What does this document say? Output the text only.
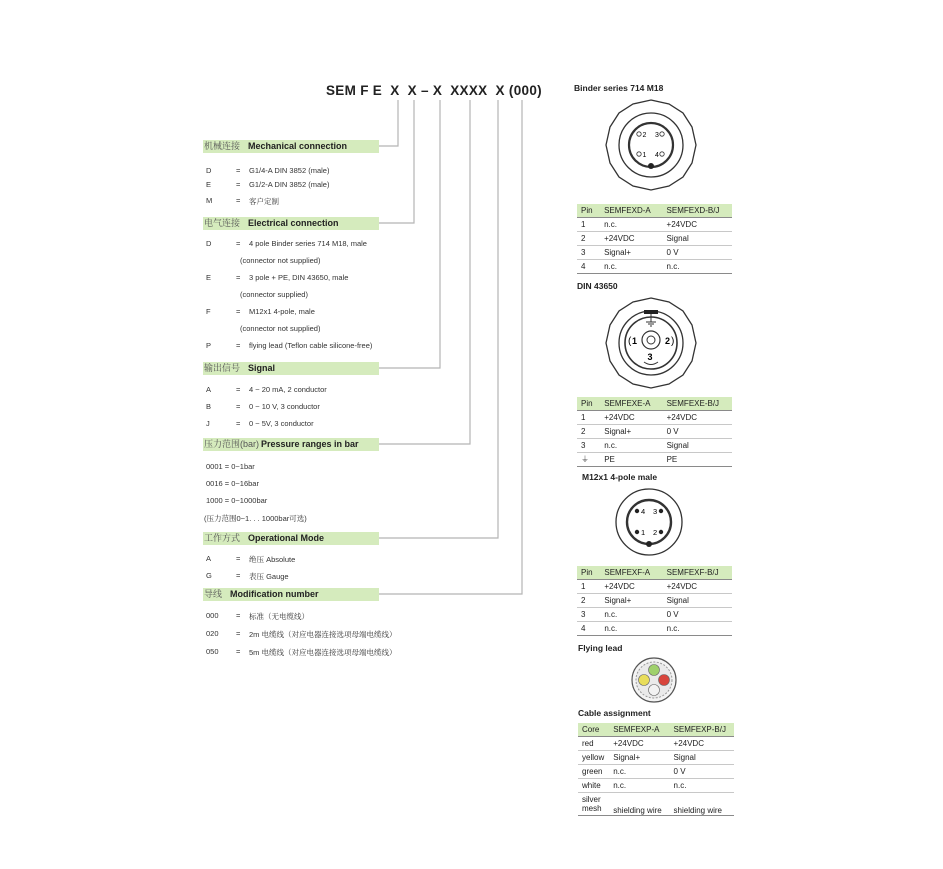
SEM F E  X  X – X  XXXX  X (000)
机械连接 Mechanical connection
D	= G1/4-A DIN 3852 (male)
E	= G1/2-A DIN 3852 (male)
M	= 客户定制
电气连接 Electrical connection
D	= 4 pole Binder series 714 M18, male
(connector not supplied)
E	= 3 pole + PE, DIN 43650, male
(connector supplied)
F	= M12x1 4-pole, male
(connector not supplied)
P	= flying lead (Teflon cable silicone-free)
输出信号 Signal
A	= 4 ~ 20 mA, 2 conductor
B	= 0 ~ 10 V, 3 conductor
J	= 0 ~ 5V, 3 conductor
压力范围(bar) Pressure ranges in bar
0001 = 0~1bar
0016 = 0~16bar
1000 = 0~1000bar
(压力范围0~1. . . 1000bar可选)
工作方式 Operational Mode
A	= 绝压 Absolute
G	= 表压 Gauge
导线 Modification number
000 = 标准（无电缆线）
020 = 2m 电缆线（对应电器连接选项母端电缆线）
050 = 5m 电缆线（对应电器连接选项母端电缆线）
Binder series 714 M18
2 3
1 4
Pin	SEMFEXD-A	SEMFEXD-B/J
1	n.c.	+24VDC
2	+24VDC	Signal
3	Signal+	0 V
4	n.c.	n.c.
DIN 43650
( 1	2 )
3
Pin	SEMFEXE-A	SEMFEXE-B/J
1	+24VDC	+24VDC
2	Signal+	0 V
3	n.c.	Signal
⏚	PE	PE
M12x1 4-pole male
4 3
1 2
Pin	SEMFEXF-A	SEMFEXF-B/J
1	+24VDC	+24VDC
2	Signal+	Signal
3	n.c.	0 V
4	n.c.	n.c.
Flying lead
Cable assignment
Core	SEMFEXP-A	SEMFEXP-B/J
red	+24VDC	+24VDC
yellow	Signal+	Signal
green	n.c.	0 V
white	n.c.	n.c.
silver mesh	shielding wire	shielding wire
